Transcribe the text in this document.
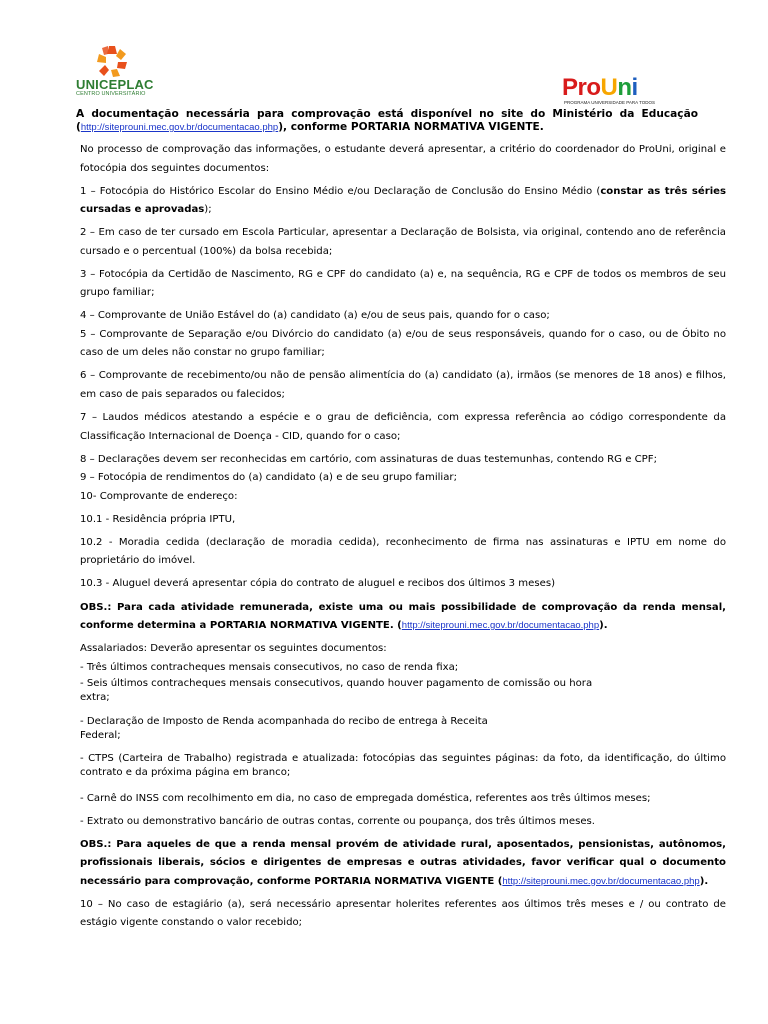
UNICEPLAC
CENTRO UNIVERSITÁRIO	ProUni
PROGRAMA UNIVERSIDADE PARA TODOS
A documentação necessária para comprovação está disponível no site do Ministério da Educação (http://siteprouni.mec.gov.br/documentacao.php), conforme PORTARIA NORMATIVA VIGENTE.

No processo de comprovação das informações, o estudante deverá apresentar, a critério do coordenador do ProUni, original e fotocópia dos seguintes documentos:

1 – Fotocópia do Histórico Escolar do Ensino Médio e/ou Declaração de Conclusão do Ensino Médio (constar as três séries cursadas e aprovadas);

2 – Em caso de ter cursado em Escola Particular, apresentar a Declaração de Bolsista, via original, contendo ano de referência cursado e o percentual (100%) da bolsa recebida;

3 – Fotocópia da Certidão de Nascimento, RG e CPF do candidato (a) e, na sequência, RG e CPF de todos os membros de seu grupo familiar;

4 – Comprovante de União Estável do (a) candidato (a) e/ou de seus pais, quando for o caso;

5 – Comprovante de Separação e/ou Divórcio do candidato (a) e/ou de seus responsáveis, quando for o caso, ou de Óbito no caso de um deles não constar no grupo familiar;

6 – Comprovante de recebimento/ou não de pensão alimentícia do (a) candidato (a), irmãos (se menores de 18 anos) e filhos, em caso de pais separados ou falecidos;

7 – Laudos médicos atestando a espécie e o grau de deficiência, com expressa referência ao código correspondente da Classificação Internacional de Doença - CID, quando for o caso;

8 – Declarações devem ser reconhecidas em cartório, com assinaturas de duas testemunhas, contendo RG e CPF;

9 – Fotocópia de rendimentos do (a) candidato (a) e de seu grupo familiar;

10- Comprovante de endereço:

10.1 - Residência própria IPTU,

10.2 - Moradia cedida (declaração de moradia cedida), reconhecimento de firma nas assinaturas e IPTU em nome do proprietário do imóvel.

10.3 - Aluguel deverá apresentar cópia do contrato de aluguel e recibos dos últimos 3 meses)

OBS.: Para cada atividade remunerada, existe uma ou mais possibilidade de comprovação da renda mensal, conforme determina a PORTARIA NORMATIVA VIGENTE. (http://siteprouni.mec.gov.br/documentacao.php).

Assalariados: Deverão apresentar os seguintes documentos:

- Três últimos contracheques mensais consecutivos, no caso de renda fixa;

- Seis últimos contracheques mensais consecutivos, quando houver pagamento de comissão ou hora
extra;

- Declaração de Imposto de Renda acompanhada do recibo de entrega à Receita
Federal;

- CTPS (Carteira de Trabalho) registrada e atualizada: fotocópias das seguintes páginas: da foto, da identificação, do último contrato e da próxima página em branco;

- Carnê do INSS com recolhimento em dia, no caso de empregada doméstica, referentes aos três últimos meses;

- Extrato ou demonstrativo bancário de outras contas, corrente ou poupança, dos três últimos meses.

OBS.: Para aqueles de que a renda mensal provém de atividade rural, aposentados, pensionistas, autônomos, profissionais liberais, sócios e dirigentes de empresas e outras atividades, favor verificar qual o documento necessário para comprovação, conforme PORTARIA NORMATIVA VIGENTE (http://siteprouni.mec.gov.br/documentacao.php).

10 – No caso de estagiário (a), será necessário apresentar holerites referentes aos últimos três meses e / ou contrato de estágio vigente constando o valor recebido;
